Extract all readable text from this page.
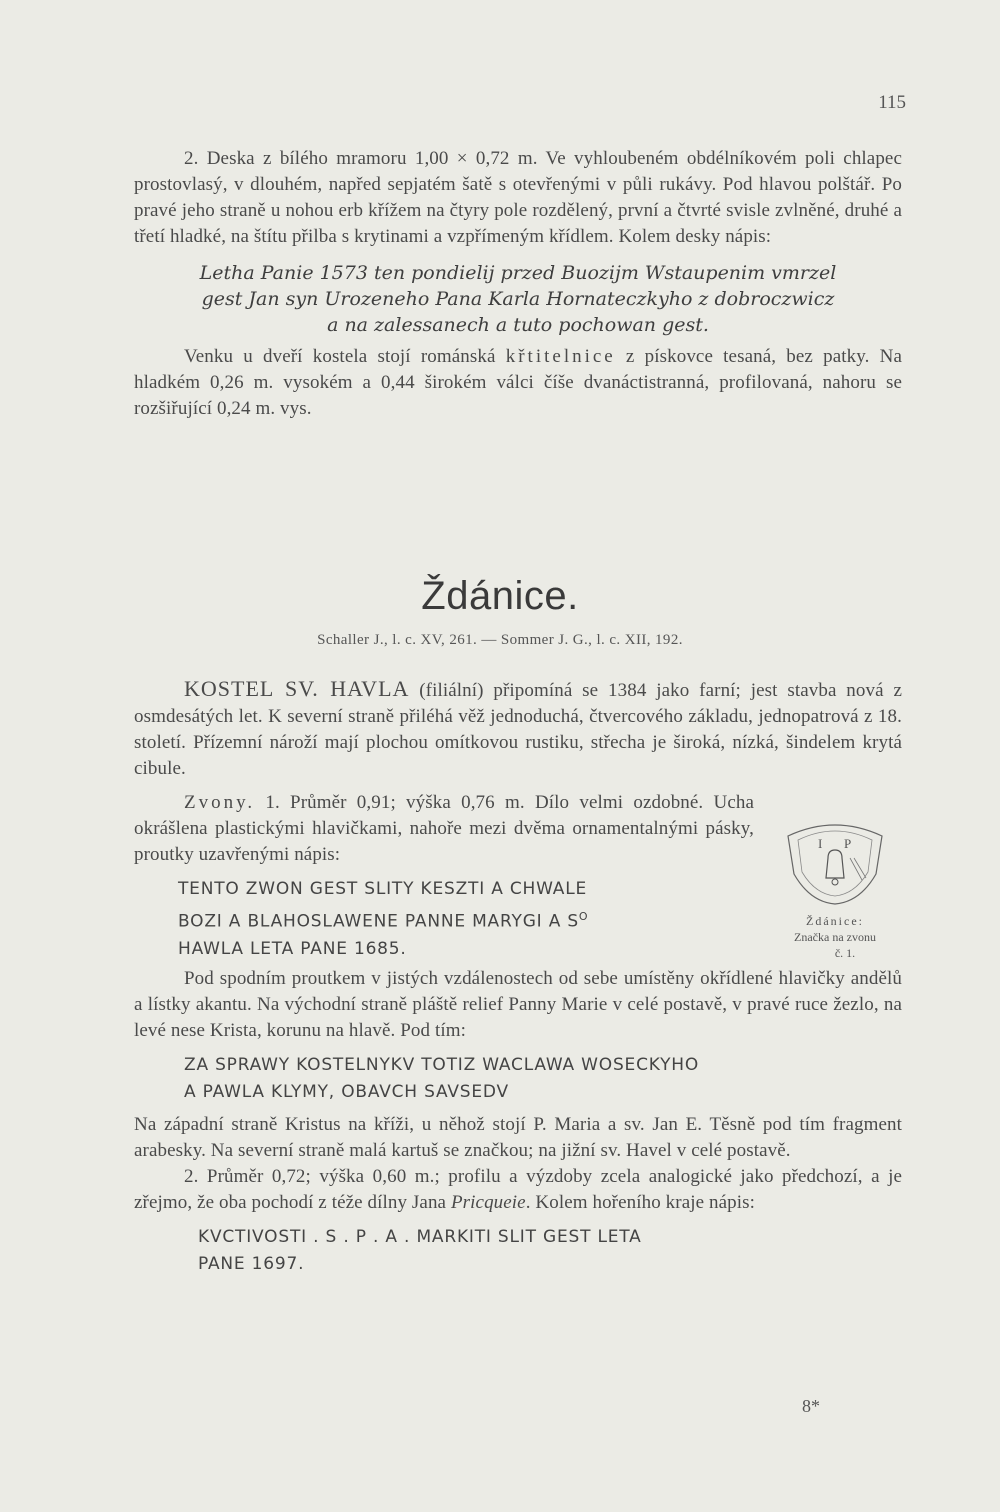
115

2. Deska z bílého mramoru 1,00 × 0,72 m. Ve vyhloubeném obdélníkovém poli chlapec prostovlasý, v dlouhém, napřed sepjatém šatě s otevřenými v půli rukávy. Pod hlavou polštář. Po pravé jeho straně u nohou erb křížem na čtyry pole rozdělený, první a čtvrté svisle zvlněné, druhé a třetí hladké, na štítu přilba s krytinami a vzpřímeným křídlem. Kolem desky nápis:

Letha Panie 1573 ten pondielij przed Buozijm Wstaupenim vmrzel

gest Jan syn Urozeneho Pana Karla Hornateczkyho z dobroczwicz

a na zalessanech a tuto pochowan gest.

Venku u dveří kostela stojí románská křtitelnice z pískovce tesaná, bez patky. Na hladkém 0,26 m. vysokém a 0,44 širokém válci číše dvanáctistranná, profilovaná, nahoru se rozšiřující 0,24 m. vys.

Ždánice.
Schaller J., l. c. XV, 261. — Sommer J. G., l. c. XII, 192.

KOSTEL SV. HAVLA (filiální) připomíná se 1384 jako farní; jest stavba nová z osmdesátých let. K severní straně přiléhá věž jednoduchá, čtvercového základu, jednopatrová z 18. století. Přízemní nároží mají plochou omítkovou rustiku, střecha je široká, nízká, šindelem krytá cibule.

Zvony. 1. Průměr 0,91; výška 0,76 m. Dílo velmi ozdobné. Ucha okrášlena plastickými hlavičkami, nahoře mezi dvěma ornamentalnými pásky, proutky uzavřenými nápis:

TENTO ZWON GEST SLITY KESZTI A CHWALE

BOZI A BLAHOSLAWENE PANNE MARYGI A $S^O$

HAWLA LETA PANE 1685.

I P

Ždánice:

Značka na zvonu

č. 1.

Pod spodním proutkem v jistých vzdálenostech od sebe umístěny okřídlené hlavičky andělů a lístky akantu. Na východní straně pláště relief Panny Marie v celé postavě, v pravé ruce žezlo, na levé nese Krista, korunu na hlavě. Pod tím:

ZA SPRAWY KOSTELNYKV TOTIZ WACLAWA WOSECKYHO

A PAWLA KLYMY, OBAVCH SAVSEDV

Na západní straně Kristus na kříži, u něhož stojí P. Maria a sv. Jan E. Těsně pod tím fragment arabesky. Na severní straně malá kartuš se značkou; na jižní sv. Havel v celé postavě.

2. Průměr 0,72; výška 0,60 m.; profilu a výzdoby zcela analogické jako předchozí, a je zřejmo, že oba pochodí z téže dílny Jana Pricqueie. Kolem hořeního kraje nápis:

KVCTIVOSTI . S . P . A . MARKITI SLIT GEST LETA

PANE 1697.

8*
